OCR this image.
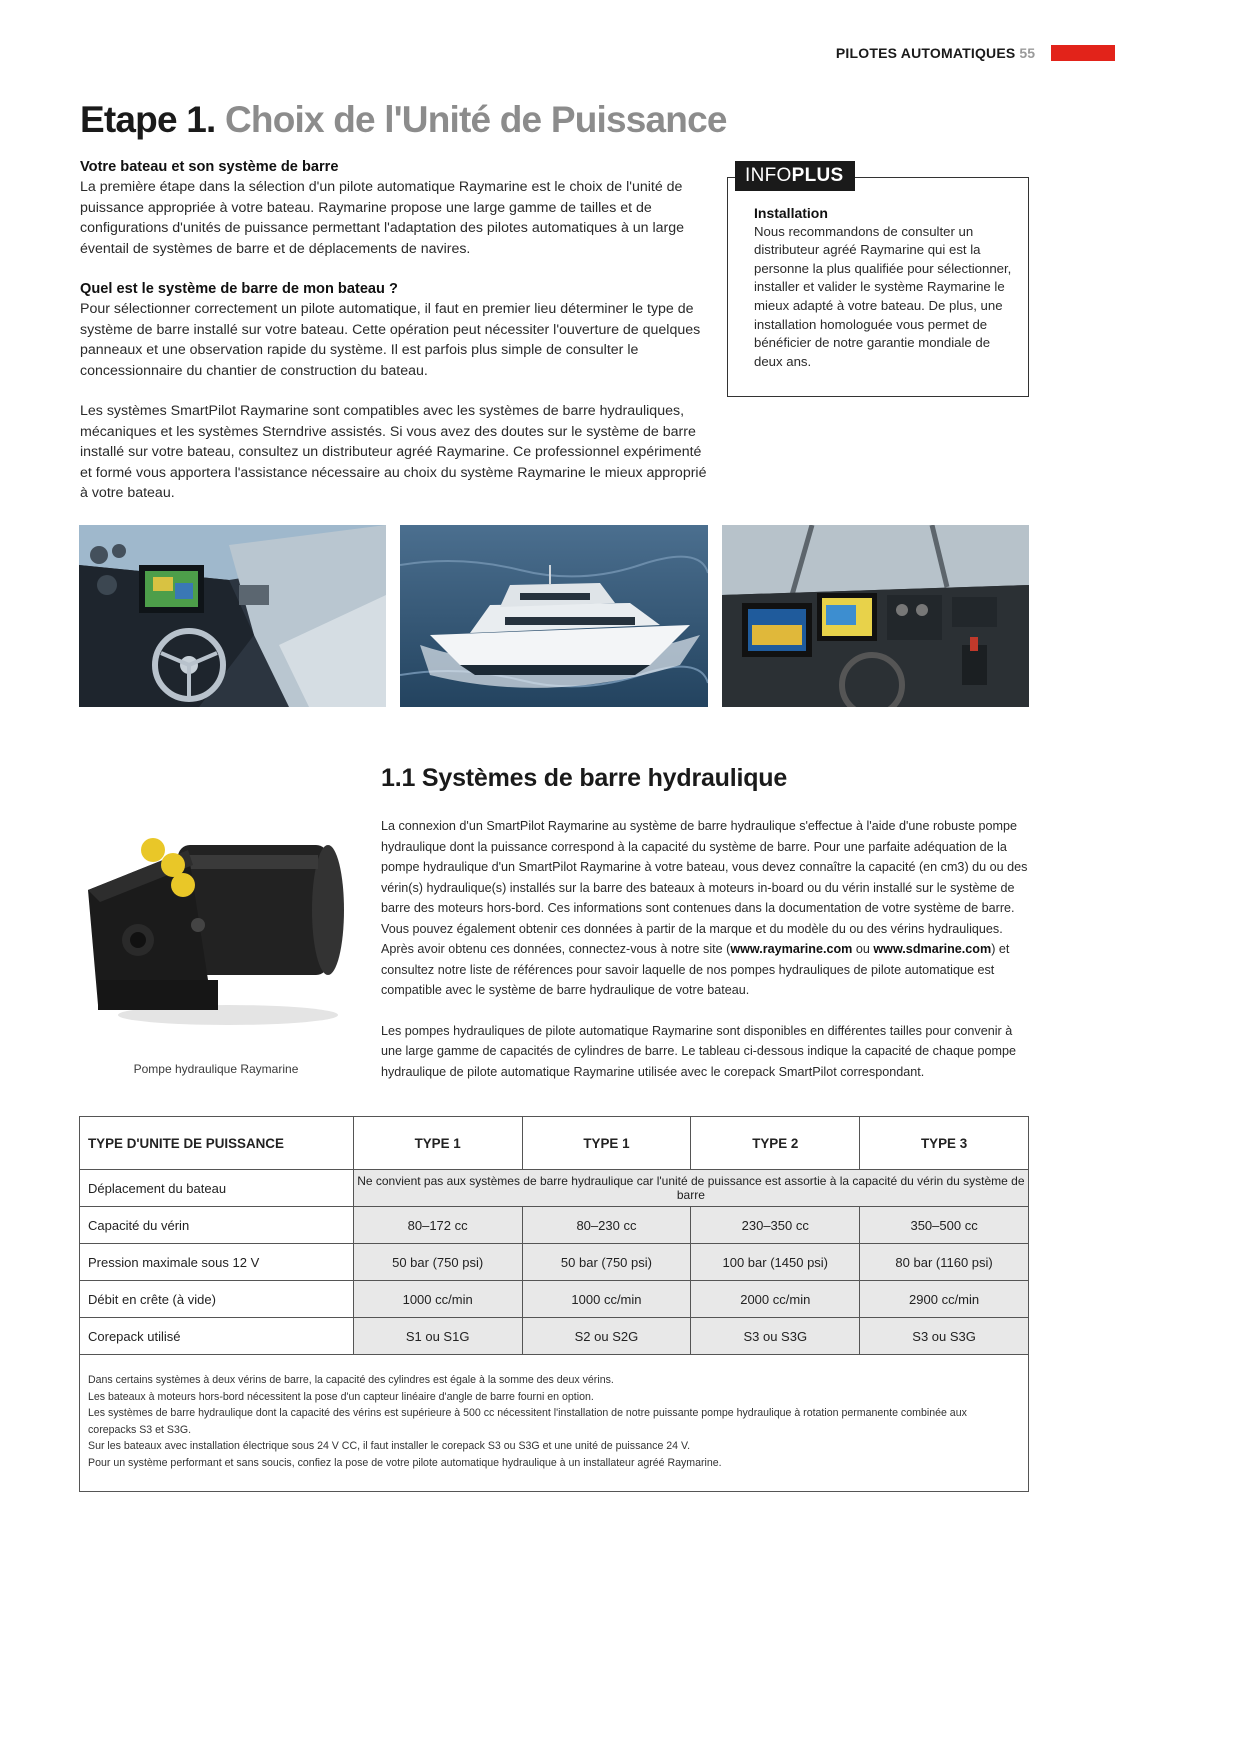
PILOTES AUTOMATIQUES 55
Etape 1. Choix de l'Unité de Puissance
Votre bateau et son système de barre

La première étape dans la sélection d'un pilote automatique Raymarine est le choix de l'unité de puissance appropriée à votre bateau. Raymarine propose une large gamme de tailles et de configurations d'unités de puissance permettant l'adaptation des pilotes automatiques à un large éventail de systèmes de barre et de déplacements de navires.

Quel est le système de barre de mon bateau ?

Pour sélectionner correctement un pilote automatique, il faut en premier lieu déterminer le type de système de barre installé sur votre bateau. Cette opération peut nécessiter l'ouverture de quelques panneaux et une observation rapide du système. Il est parfois plus simple de consulter le concessionnaire du chantier de construction du bateau.

Les systèmes SmartPilot Raymarine sont compatibles avec les systèmes de barre hydrauliques, mécaniques et les systèmes Sterndrive assistés. Si vous avez des doutes sur le système de barre installé sur votre bateau, consultez un distributeur agréé Raymarine. Ce professionnel expérimenté et formé vous apportera l'assistance nécessaire au choix du système Raymarine le mieux approprié à votre bateau.

INFO PLUS
Installation

Nous recommandons de consulter un distributeur agréé Raymarine qui est la personne la plus qualifiée pour sélectionner, installer et valider le système Raymarine le mieux adapté à votre bateau. De plus, une installation homologuée vous permet de bénéficier de notre garantie mondiale de deux ans.

1.1 Systèmes de barre hydraulique
Pompe hydraulique Raymarine

La connexion d'un SmartPilot Raymarine au système de barre hydraulique s'effectue à l'aide d'une robuste pompe hydraulique dont la puissance correspond à la capacité du système de barre. Pour une parfaite adéquation de la pompe hydraulique d'un SmartPilot Raymarine à votre bateau, vous devez connaître la capacité (en cm3) du ou des vérin(s) hydraulique(s) installés sur la barre des bateaux à moteurs in-board ou du vérin installé sur le système de barre des moteurs hors-bord. Ces informations sont contenues dans la documentation de votre système de barre. Vous pouvez également obtenir ces données à partir de la marque et du modèle du ou des vérins hydrauliques. Après avoir obtenu ces données, connectez-vous à notre site (www.raymarine.com ou www.sdmarine.com) et consultez notre liste de références pour savoir laquelle de nos pompes hydrauliques de pilote automatique est compatible avec le système de barre hydraulique de votre bateau.

Les pompes hydrauliques de pilote automatique Raymarine sont disponibles en différentes tailles pour convenir à une large gamme de capacités de cylindres de barre. Le tableau ci-dessous indique la capacité de chaque pompe hydraulique de pilote automatique Raymarine utilisée avec le corepack SmartPilot correspondant.

TYPE D'UNITE DE PUISSANCE	TYPE 1	TYPE 1	TYPE 2	TYPE 3
Déplacement du bateau	Ne convient pas aux systèmes de barre hydraulique car l'unité de puissance est assortie à la capacité du vérin du système de barre			
Capacité du vérin	80–172 cc	80–230 cc	230–350 cc	350–500 cc
Pression maximale sous 12 V	50 bar (750 psi)	50 bar (750 psi)	100 bar (1450 psi)	80 bar (1160 psi)
Débit en crête (à vide)	1000 cc/min	1000 cc/min	2000 cc/min	2900 cc/min
Corepack utilisé	S1 ou S1G	S2 ou S2G	S3 ou S3G	S3 ou S3G

Dans certains systèmes à deux vérins de barre, la capacité des cylindres est égale à la somme des deux vérins.

Les bateaux à moteurs hors-bord nécessitent la pose d'un capteur linéaire d'angle de barre fourni en option.

Les systèmes de barre hydraulique dont la capacité des vérins est supérieure à 500 cc nécessitent l'installation de notre puissante pompe hydraulique à rotation permanente combinée aux

corepacks S3 et S3G.

Sur les bateaux avec installation électrique sous 24 V CC, il faut installer le corepack S3 ou S3G et une unité de puissance 24 V.

Pour un système performant et sans soucis, confiez la pose de votre pilote automatique hydraulique à un installateur agréé Raymarine.
